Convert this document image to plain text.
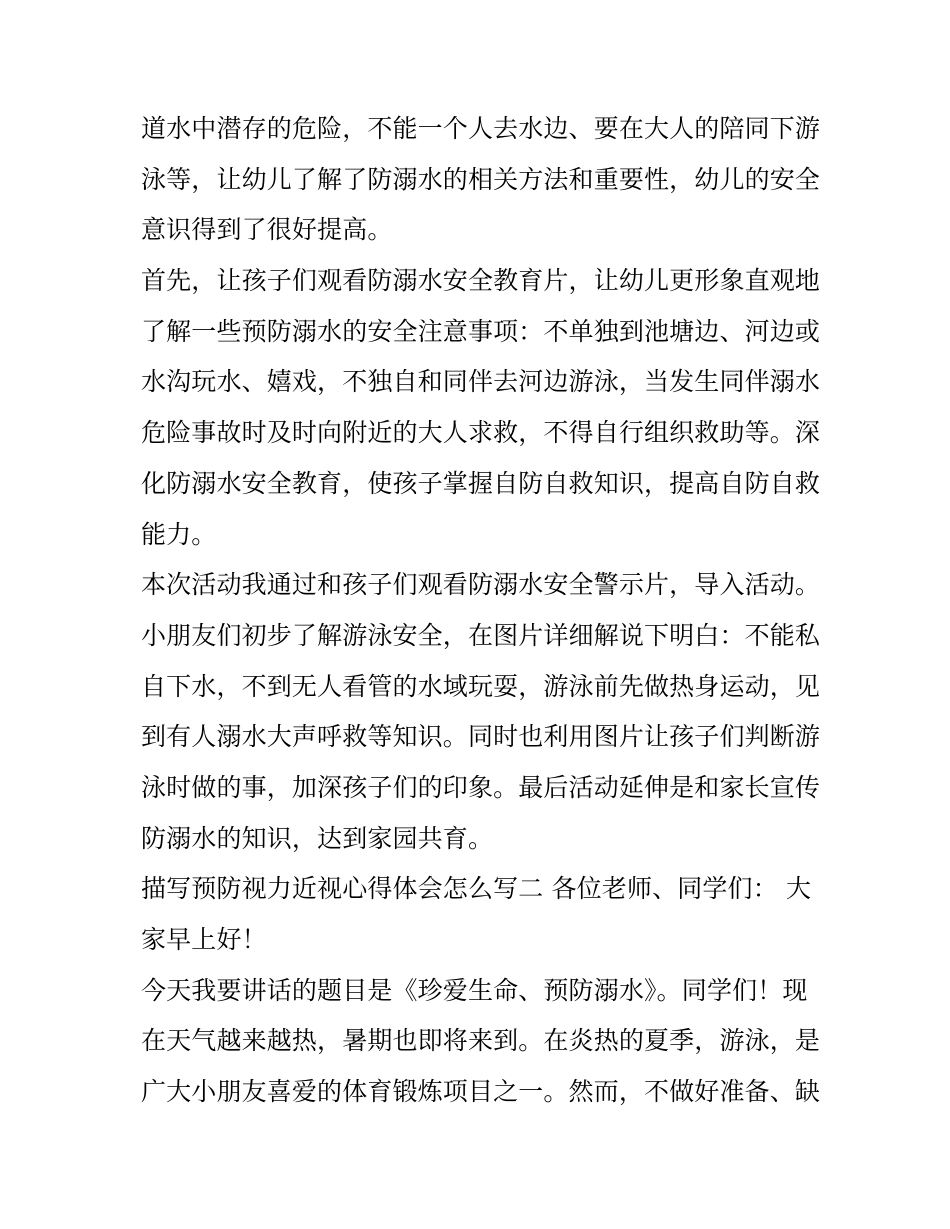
道水中潜存的危险，不能一个人去水边、要在大人的陪同下游
泳等，让幼儿了解了防溺水的相关方法和重要性，幼儿的安全
意识得到了很好提高。
首先，让孩子们观看防溺水安全教育片，让幼儿更形象直观地
了解一些预防溺水的安全注意事项：不单独到池塘边、河边或
水沟玩水、嬉戏，不独自和同伴去河边游泳，当发生同伴溺水
危险事故时及时向附近的大人求救，不得自行组织救助等。深
化防溺水安全教育，使孩子掌握自防自救知识，提高自防自救
能力。
本次活动我通过和孩子们观看防溺水安全警示片，导入活动。
小朋友们初步了解游泳安全，在图片详细解说下明白：不能私
自下水，不到无人看管的水域玩耍，游泳前先做热身运动，见
到有人溺水大声呼救等知识。同时也利用图片让孩子们判断游
泳时做的事，加深孩子们的印象。最后活动延伸是和家长宣传
防溺水的知识，达到家园共育。
描写预防视力近视心得体会怎么写二 各位老师、同学们： 大
家早上好！
今天我要讲话的题目是《珍爱生命、预防溺水》。同学们！现
在天气越来越热，暑期也即将来到。在炎热的夏季，游泳，是
广大小朋友喜爱的体育锻炼项目之一。然而，不做好准备、缺
